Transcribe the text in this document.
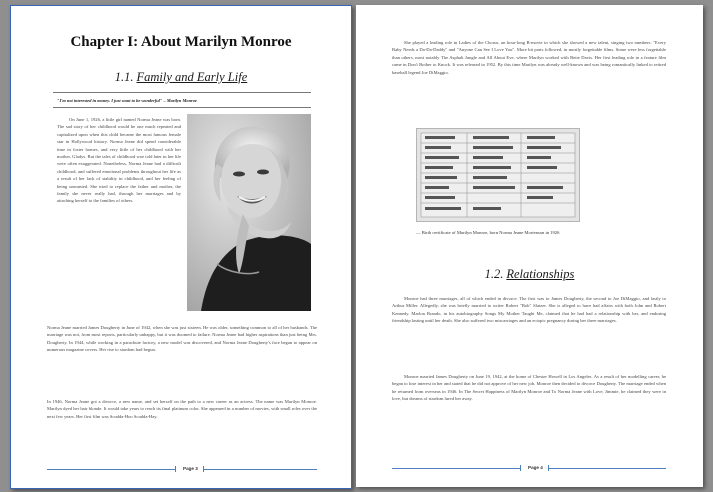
Chapter I: About Marilyn Monroe
1.1. Family and Early Life
"I'm not interested in money. I just want to be wonderful" – Marilyn Monroe

On June 1, 1926, a little girl named Norma Jeane was born. The sad story of her childhood would be one much repeated and capitalized upon when this child became the most famous female star in Hollywood history. Norma Jeane did spend considerable time in foster homes, and very little of her childhood with her mother, Gladys. But the tales of childhood woe told later in her life were often exaggerated. Nonetheless, Norma Jeane had a difficult childhood, and suffered emotional problems throughout her life as a result of her lack of stability in childhood, and her feeling of being unwanted. She tried to replace the father and mother, the family she never really had, through her marriages and by attaching herself to the families of others.

Norma Jeane married James Dougherty in June of 1942, when she was just sixteen. He was older, something common to all of her husbands. The marriage was not, from most reports, particularly unhappy, but it was doomed to failure. Norma Jeane had higher aspirations than just being Mrs. Dougherty. In 1944, while working in a parachute factory, a new model was discovered, and Norma Jeane Dougherty's face began to appear on numerous magazine covers. Her rise to stardom had begun.

In 1946, Norma Jeane got a divorce, a new name, and set herself on the path to a new career as an actress. The name was Marilyn Monroe. Marilyn dyed her hair blonde. It would take years to reach its final platinum color. She appeared in a number of movies, with small roles over the next few years. Her first film was Scudda-Hoo Scudda-Hay.

Page 3

She played a leading role in Ladies of the Chorus, an hour-long B-movie in which she showed a new talent, singing two numbers: "Every Baby Needs a Da-Da-Daddy" and "Anyone Can See I Love You". More bit parts followed, in mostly forgettable films. Some were less forgettable than others, most notably The Asphalt Jungle and All About Eve, where Marilyn worked with Bette Davis. Her first leading role in a feature film came in Don't Bother to Knock. It was released in 1952. By this time Marilyn was already well-known and was being romantically linked to retired baseball legend Joe DiMaggio.

— Birth certificate of Marilyn Monroe, born Norma Jeane Mortenson in 1926
1.2. Relationships

Monroe had three marriages, all of which ended in divorce. The first was to James Dougherty, the second to Joe DiMaggio, and lastly to Arthur Miller. Allegedly, she was briefly married to writer Robert "Bob" Slatzer. She is alleged to have had affairs with both John and Robert Kennedy. Marlon Brando, in his autobiography Songs My Mother Taught Me, claimed that he had had a relationship with her, and enduring friendship lasting until her death. She also suffered two miscarriages and an ectopic pregnancy during her three marriages.

Monroe married James Dougherty on June 19, 1942, at the home of Chester Howell in Los Angeles. As a result of her modelling career, he began to lose interest in her and stated that he did not approve of her new job. Monroe then decided to divorce Dougherty. The marriage ended when he returned from overseas in 1946. In The Secret Happiness of Marilyn Monroe and To Norma Jeane with Love, Jimmie, he claimed they were in love, but dreams of stardom lured her away.

Page 4
